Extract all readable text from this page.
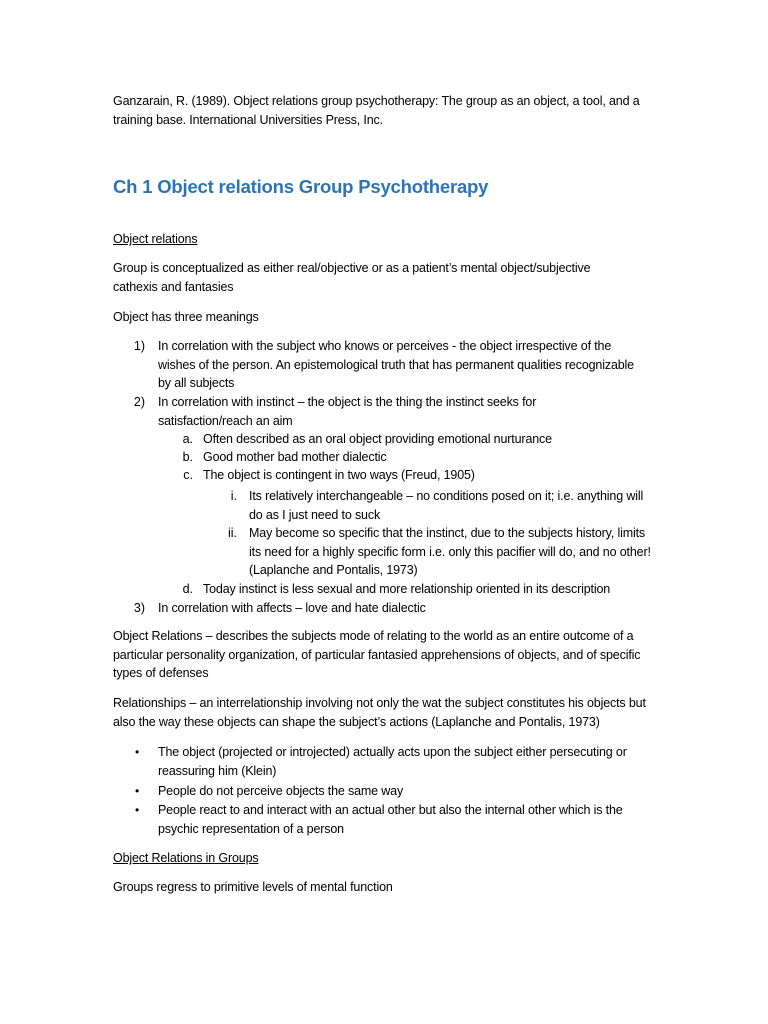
Ganzarain, R. (1989). Object relations group psychotherapy: The group as an object, a tool, and a training base. International Universities Press, Inc.

Ch 1 Object relations Group Psychotherapy

Object relations

Group is conceptualized as either real/objective or as a patient’s mental object/subjective cathexis and fantasies

Object has three meanings

1) In correlation with the subject who knows or perceives - the object irrespective of the wishes of the person. An epistemological truth that has permanent qualities recognizable by all subjects

2) In correlation with instinct – the object is the thing the instinct seeks for satisfaction/reach an aim

a. Often described as an oral object providing emotional nurturance

b. Good mother bad mother dialectic

c. The object is contingent in two ways (Freud, 1905)

i. Its relatively interchangeable – no conditions posed on it; i.e. anything will do as I just need to suck

ii. May become so specific that the instinct, due to the subjects history, limits its need for a highly specific form i.e. only this pacifier will do, and no other! (Laplanche and Pontalis, 1973)

d. Today instinct is less sexual and more relationship oriented in its description

3) In correlation with affects – love and hate dialectic

Object Relations – describes the subjects mode of relating to the world as an entire outcome of a particular personality organization, of particular fantasied apprehensions of objects, and of specific types of defenses

Relationships – an interrelationship involving not only the wat the subject constitutes his objects but also the way these objects can shape the subject’s actions (Laplanche and Pontalis, 1973)

• The object (projected or introjected) actually acts upon the subject either persecuting or reassuring him (Klein)

• People do not perceive objects the same way

• People react to and interact with an actual other but also the internal other which is the psychic representation of a person

Object Relations in Groups

Groups regress to primitive levels of mental function
